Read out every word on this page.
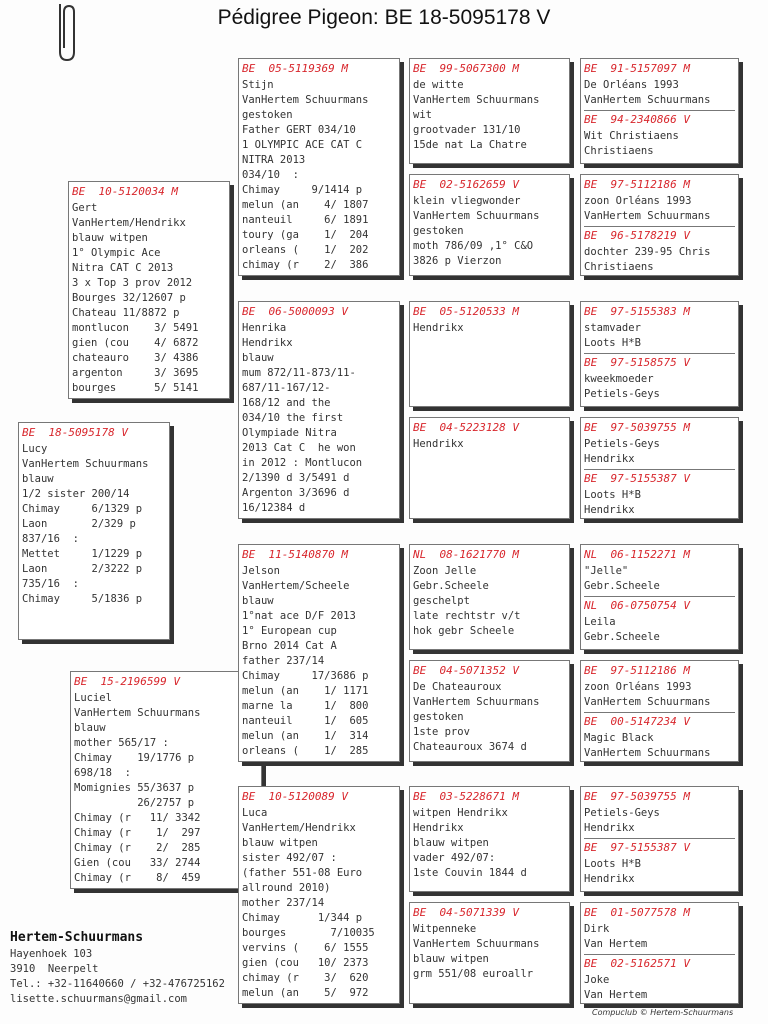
Pédigree Pigeon: BE 18-5095178 V
BE  18-5095178 V
Lucy
VanHertem Schuurmans
blauw
1/2 sister 200/14
Chimay     6/1329 p
Laon       2/329 p
837/16  :
Mettet     1/1229 p
Laon       2/3222 p
735/16  :
Chimay     5/1836 p
BE  10-5120034 M
Gert
VanHertem/Hendrikx
blauw witpen
1° Olympic Ace
Nitra CAT C 2013
3 x Top 3 prov 2012
Bourges 32/12607 p
Chateau 11/8872 p
montlucon    3/ 5491
gien (cou    4/ 6872
chateauro    3/ 4386
argenton     3/ 3695
bourges      5/ 5141
BE  15-2196599 V
Luciel
VanHertem Schuurmans
blauw
mother 565/17 :
Chimay    19/1776 p
698/18  :
Momignies 55/3637 p
26/2757 p
Chimay (r   11/ 3342
Chimay (r    1/  297
Chimay (r    2/  285
Gien (cou   33/ 2744
Chimay (r    8/  459
BE  05-5119369 M
Stijn
VanHertem Schuurmans
gestoken
Father GERT 034/10
1 OLYMPIC ACE CAT C
NITRA 2013
034/10  :
Chimay     9/1414 p
melun (an    4/ 1807
nanteuil     6/ 1891
toury (ga    1/  204
orleans (    1/  202
chimay (r    2/  386
BE  06-5000093 V
Henrika
Hendrikx
blauw
mum 872/11-873/11-
687/11-167/12-
168/12 and the
034/10 the first
Olympiade Nitra
2013 Cat C  he won
in 2012 : Montlucon
2/1390 d 3/5491 d
Argenton 3/3696 d
16/12384 d
BE  11-5140870 M
Jelson
VanHertem/Scheele
blauw
1°nat ace D/F 2013
1° European cup
Brno 2014 Cat A
father 237/14
Chimay     17/3686 p
melun (an    1/ 1171
marne la     1/  800
nanteuil     1/  605
melun (an    1/  314
orleans (    1/  285
BE  10-5120089 V
Luca
VanHertem/Hendrikx
blauw witpen
sister 492/07 :
(father 551-08 Euro
allround 2010)
mother 237/14
Chimay      1/344 p
bourges       7/10035
vervins (    6/ 1555
gien (cou   10/ 2373
chimay (r    3/  620
melun (an    5/  972
BE  99-5067300 M
de witte
VanHertem Schuurmans
wit
grootvader 131/10
15de nat La Chatre
BE  02-5162659 V
klein vliegwonder
VanHertem Schuurmans
gestoken
moth 786/09 ,1° C&O
3826 p Vierzon
BE  05-5120533 M
Hendrikx
BE  04-5223128 V
Hendrikx
NL  08-1621770 M
Zoon Jelle
Gebr.Scheele
geschelpt
late rechtstr v/t
hok gebr Scheele
BE  04-5071352 V
De Chateauroux
VanHertem Schuurmans
gestoken
1ste prov
Chateauroux 3674 d
BE  03-5228671 M
witpen Hendrikx
Hendrikx
blauw witpen
vader 492/07:
1ste Couvin 1844 d
BE  04-5071339 V
Witpenneke
VanHertem Schuurmans
blauw witpen
grm 551/08 euroallr
BE  91-5157097 M
De Orléans 1993
VanHertem Schuurmans
BE  94-2340866 V
Wit Christiaens
Christiaens
BE  97-5112186 M
zoon Orléans 1993
VanHertem Schuurmans
BE  96-5178219 V
dochter 239-95 Chris
Christiaens
BE  97-5155383 M
stamvader
Loots H*B
BE  97-5158575 V
kweekmoeder
Petiels-Geys
BE  97-5039755 M
Petiels-Geys
Hendrikx
BE  97-5155387 V
Loots H*B
Hendrikx
NL  06-1152271 M
"Jelle"
Gebr.Scheele
NL  06-0750754 V
Leila
Gebr.Scheele
BE  97-5112186 M
zoon Orléans 1993
VanHertem Schuurmans
BE  00-5147234 V
Magic Black
VanHertem Schuurmans
BE  97-5039755 M
Petiels-Geys
Hendrikx
BE  97-5155387 V
Loots H*B
Hendrikx
BE  01-5077578 M
Dirk
Van Hertem
BE  02-5162571 V
Joke
Van Hertem
Hertem-Schuurmans
Hayenhoek 103
3910  Neerpelt
Tel.: +32-11640660 / +32-476725162
lisette.schuurmans@gmail.com
Compuclub © Hertem-Schuurmans
